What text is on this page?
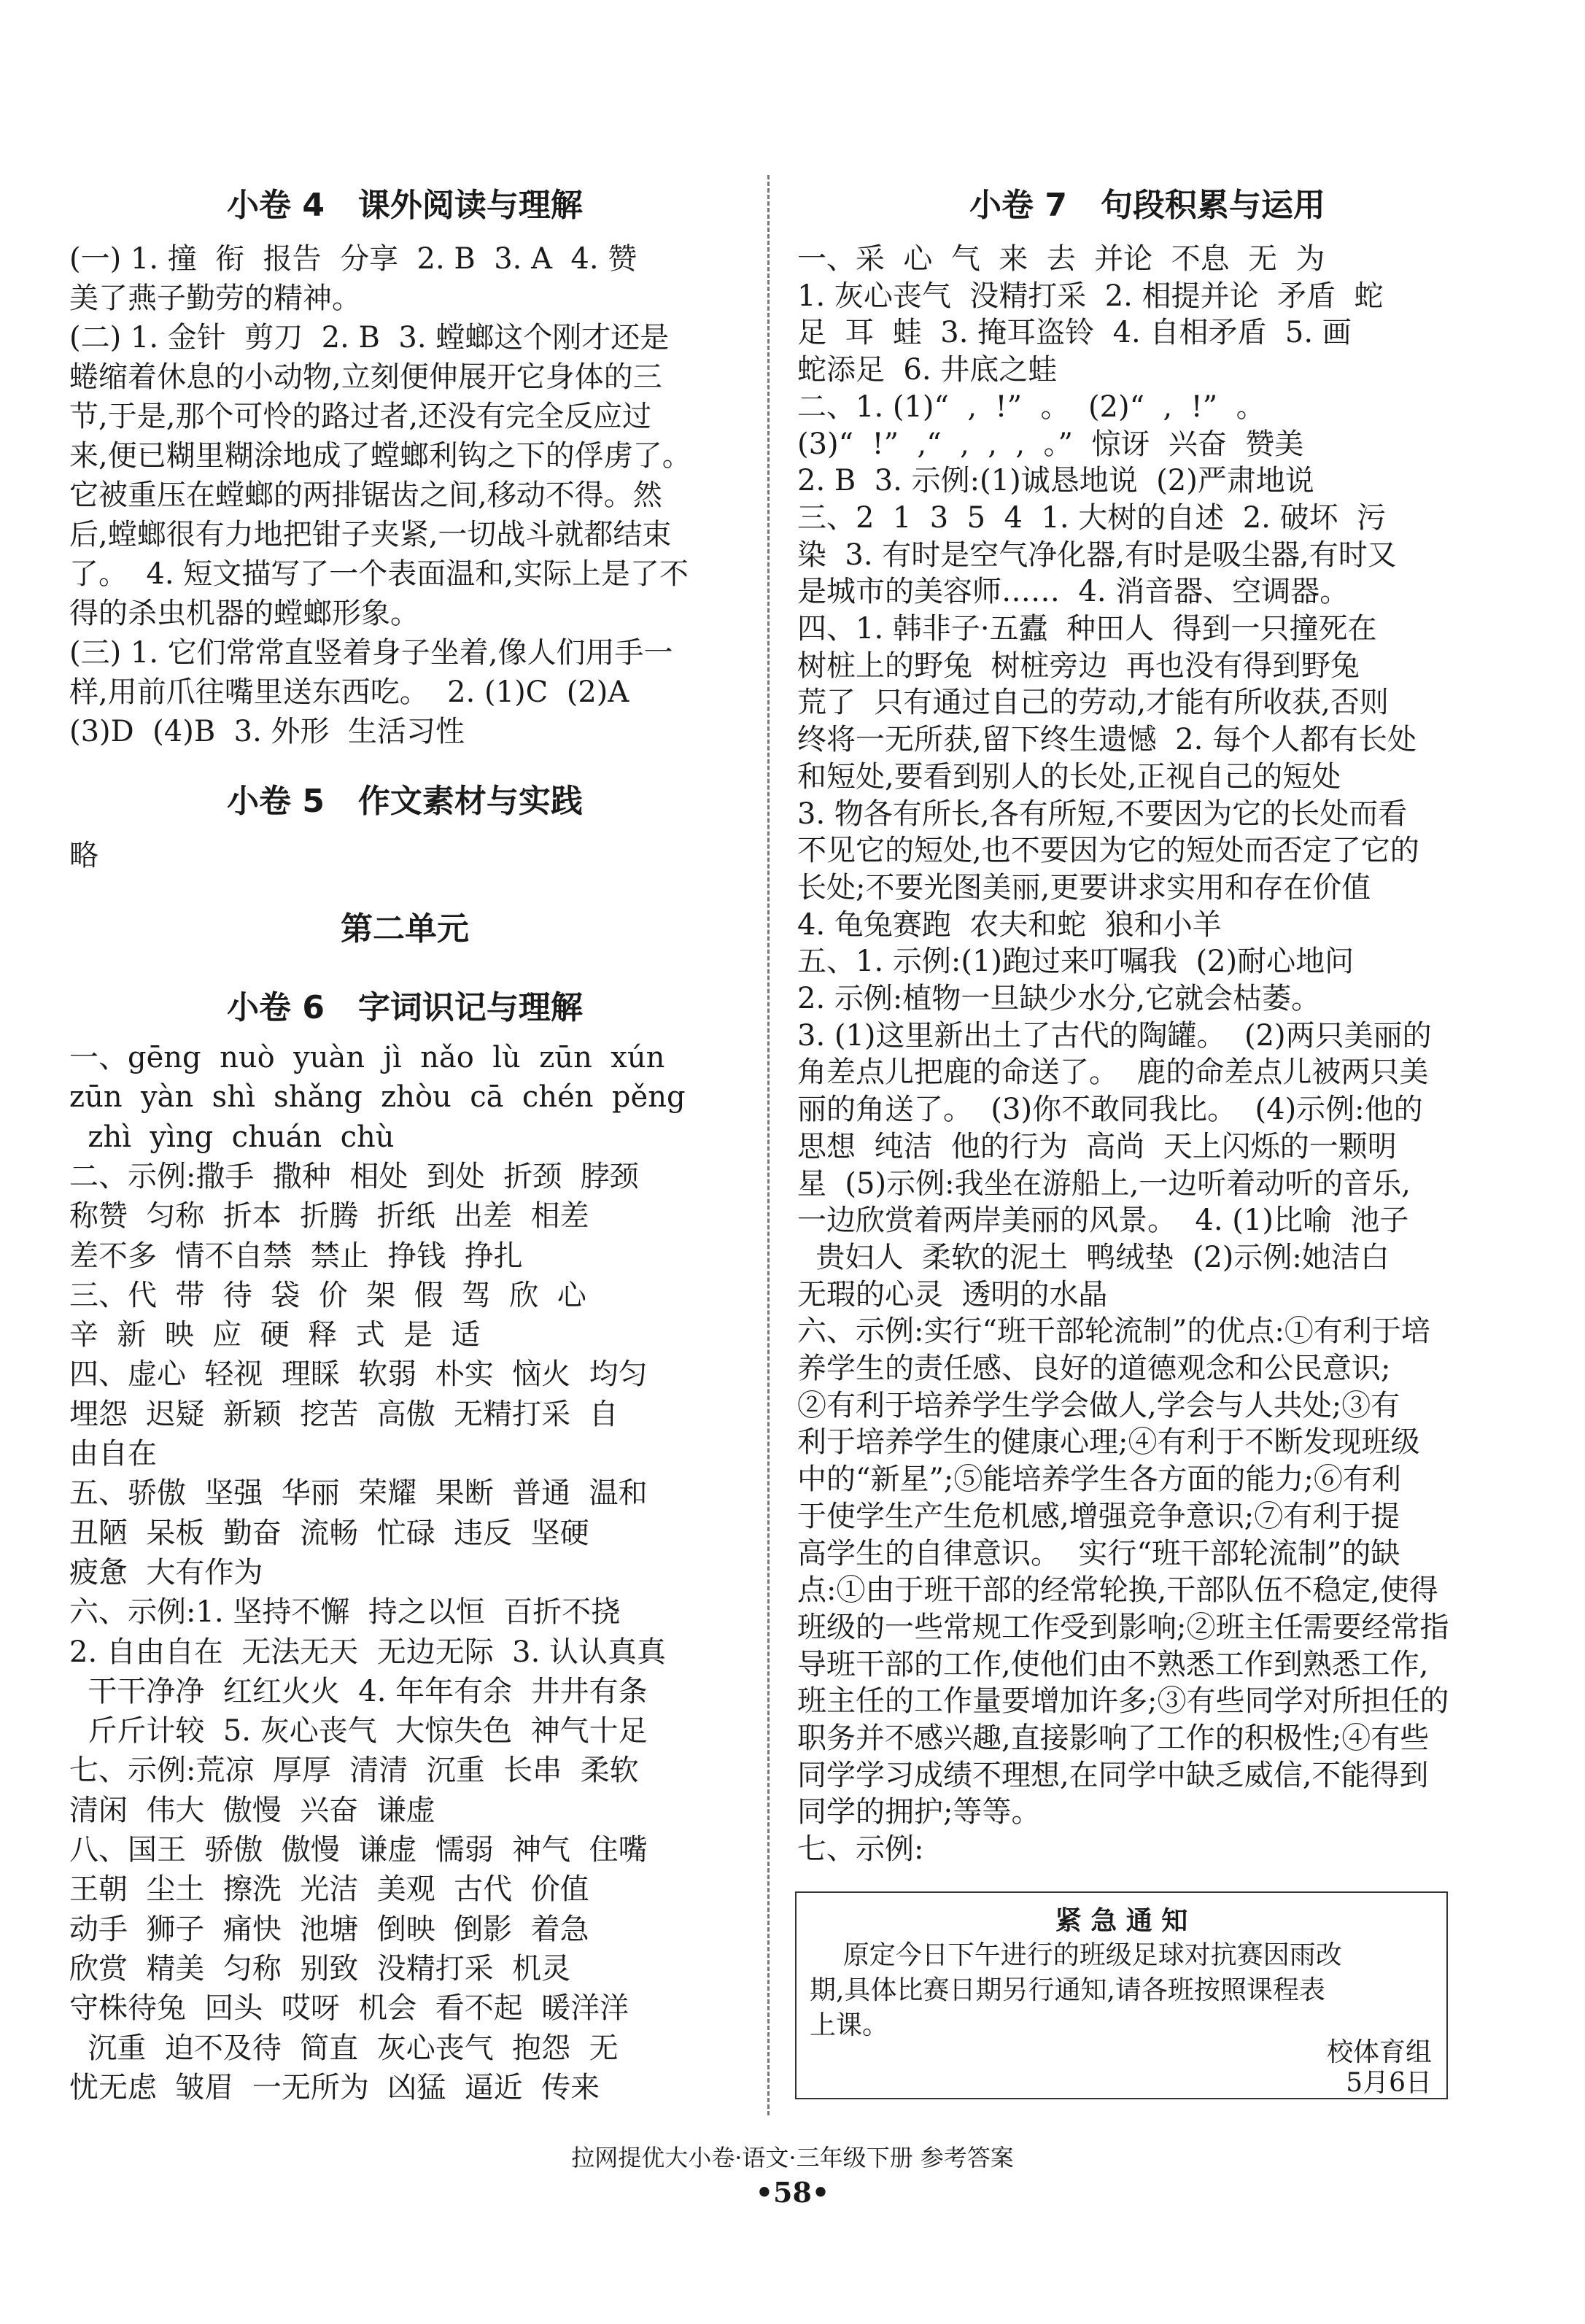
小卷 4   课外阅读与理解
(一) 1. 撞  衔  报告  分享  2. B  3. A  4. 赞
美了燕子勤劳的精神。
(二) 1. 金针  剪刀  2. B  3. 螳螂这个刚才还是
蜷缩着休息的小动物,立刻便伸展开它身体的三
节,于是,那个可怜的路过者,还没有完全反应过
来,便已糊里糊涂地成了螳螂利钩之下的俘虏了。
它被重压在螳螂的两排锯齿之间,移动不得。然
后,螳螂很有力地把钳子夹紧,一切战斗就都结束
了。  4. 短文描写了一个表面温和,实际上是了不
得的杀虫机器的螳螂形象。
(三) 1. 它们常常直竖着身子坐着,像人们用手一
样,用前爪往嘴里送东西吃。  2. (1)C  (2)A
(3)D  (4)B  3. 外形  生活习性
小卷 5   作文素材与实践
略
第二单元
小卷 6   字词识记与理解
一、gēng  nuò  yuàn  jì  nǎo  lù  zūn  xún
zūn  yàn  shì  shǎng  zhòu  cā  chén  pěng
zhì  yìng  chuán  chù
二、示例:撒手  撒种  相处  到处  折颈  脖颈
称赞  匀称  折本  折腾  折纸  出差  相差
差不多  情不自禁  禁止  挣钱  挣扎
三、代  带  待  袋  价  架  假  驾  欣  心
辛  新  映  应  硬  释  式  是  适
四、虚心  轻视  理睬  软弱  朴实  恼火  均匀
埋怨  迟疑  新颖  挖苦  高傲  无精打采  自
由自在
五、骄傲  坚强  华丽  荣耀  果断  普通  温和
丑陋  呆板  勤奋  流畅  忙碌  违反  坚硬
疲惫  大有作为
六、示例:1. 坚持不懈  持之以恒  百折不挠
2. 自由自在  无法无天  无边无际  3. 认认真真
干干净净  红红火火  4. 年年有余  井井有条
斤斤计较  5. 灰心丧气  大惊失色  神气十足
七、示例:荒凉  厚厚  清清  沉重  长串  柔软
清闲  伟大  傲慢  兴奋  谦虚
八、国王  骄傲  傲慢  谦虚  懦弱  神气  住嘴
王朝  尘土  擦洗  光洁  美观  古代  价值
动手  狮子  痛快  池塘  倒映  倒影  着急
欣赏  精美  匀称  别致  没精打采  机灵
守株待兔  回头  哎呀  机会  看不起  暖洋洋
沉重  迫不及待  简直  灰心丧气  抱怨  无
忧无虑  皱眉  一无所为  凶猛  逼近  传来
小卷 7   句段积累与运用
一、采  心  气  来  去  并论  不息  无  为
1. 灰心丧气  没精打采  2. 相提并论  矛盾  蛇
足  耳  蛙  3. 掩耳盗铃  4. 自相矛盾  5. 画
蛇添足  6. 井底之蛙
二、1. (1)“  ,  !”  。  (2)“  ,  !”  。
(3)“  !”  ,“  ,  ,  ,  。”  惊讶  兴奋  赞美
2. B  3. 示例:(1)诚恳地说  (2)严肃地说
三、2  1  3  5  4  1. 大树的自述  2. 破坏  污
染  3. 有时是空气净化器,有时是吸尘器,有时又
是城市的美容师……  4. 消音器、空调器。
四、1. 韩非子·五蠹  种田人  得到一只撞死在
树桩上的野兔  树桩旁边  再也没有得到野兔
荒了  只有通过自己的劳动,才能有所收获,否则
终将一无所获,留下终生遗憾  2. 每个人都有长处
和短处,要看到别人的长处,正视自己的短处
3. 物各有所长,各有所短,不要因为它的长处而看
不见它的短处,也不要因为它的短处而否定了它的
长处;不要光图美丽,更要讲求实用和存在价值
4. 龟兔赛跑  农夫和蛇  狼和小羊
五、1. 示例:(1)跑过来叮嘱我  (2)耐心地问
2. 示例:植物一旦缺少水分,它就会枯萎。
3. (1)这里新出土了古代的陶罐。  (2)两只美丽的
角差点儿把鹿的命送了。  鹿的命差点儿被两只美
丽的角送了。  (3)你不敢同我比。  (4)示例:他的
思想  纯洁  他的行为  高尚  天上闪烁的一颗明
星  (5)示例:我坐在游船上,一边听着动听的音乐,
一边欣赏着两岸美丽的风景。  4. (1)比喻  池子
贵妇人  柔软的泥土  鸭绒垫  (2)示例:她洁白
无瑕的心灵  透明的水晶
六、示例:实行“班干部轮流制”的优点:①有利于培
养学生的责任感、良好的道德观念和公民意识;
②有利于培养学生学会做人,学会与人共处;③有
利于培养学生的健康心理;④有利于不断发现班级
中的“新星”;⑤能培养学生各方面的能力;⑥有利
于使学生产生危机感,增强竞争意识;⑦有利于提
高学生的自律意识。  实行“班干部轮流制”的缺
点:①由于班干部的经常轮换,干部队伍不稳定,使得
班级的一些常规工作受到影响;②班主任需要经常指
导班干部的工作,使他们由不熟悉工作到熟悉工作,
班主任的工作量要增加许多;③有些同学对所担任的
职务并不感兴趣,直接影响了工作的积极性;④有些
同学学习成绩不理想,在同学中缺乏威信,不能得到
同学的拥护;等等。
七、示例:
紧 急 通 知
原定今日下午进行的班级足球对抗赛因雨改
期,具体比赛日期另行通知,请各班按照课程表
上课。
校体育组
5月6日
拉网提优大小卷·语文·三年级下册 参考答案
•58•
